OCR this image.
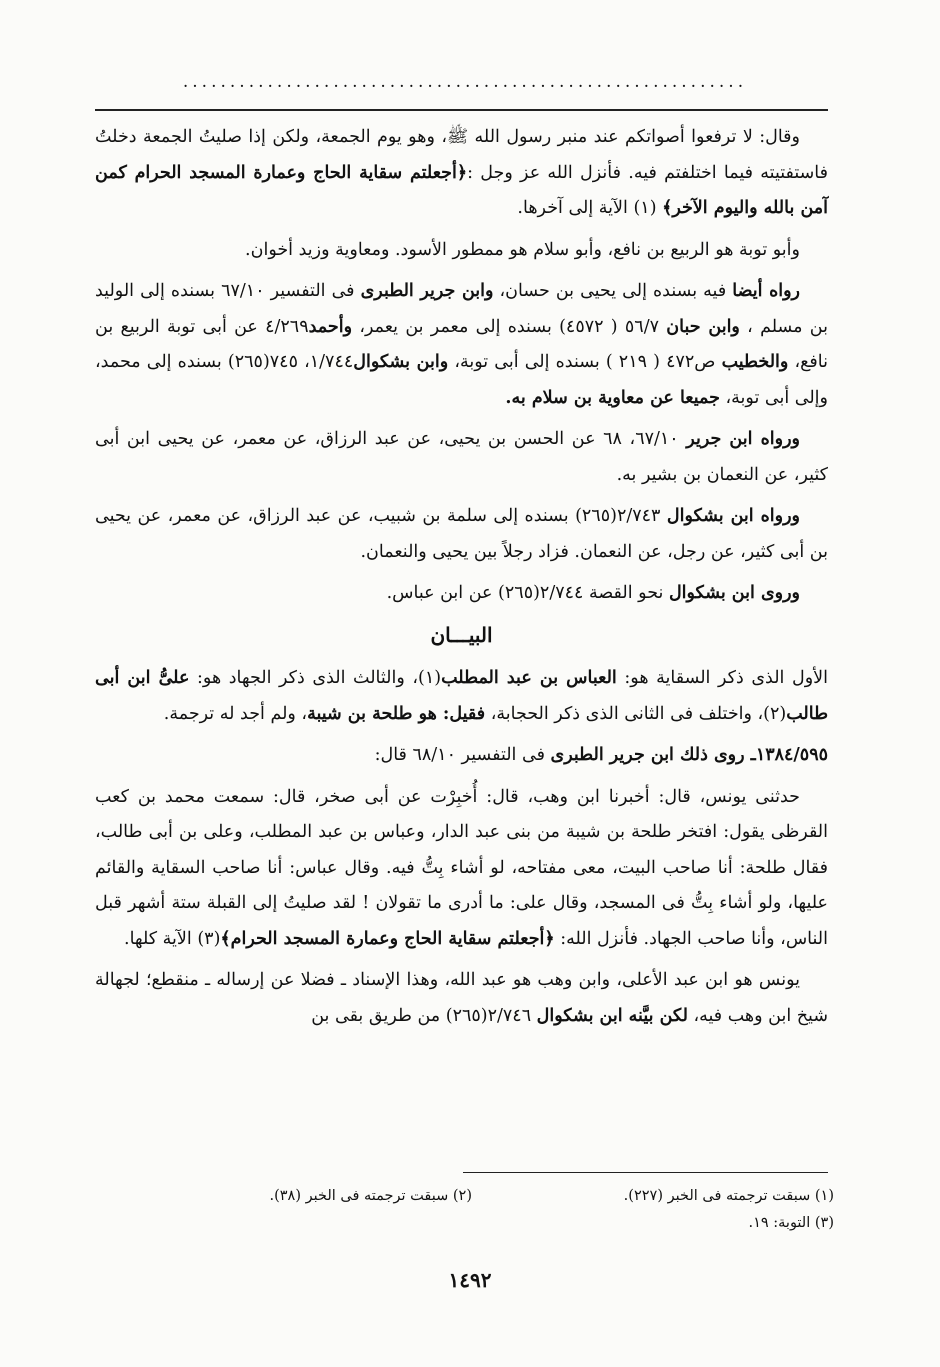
............................................................

وقال: لا ترفعوا أصواتكم عند منبر رسول الله ﷺ، وهو يوم الجمعة، ولكن إذا صليتُ الجمعة دخلتُ فاستفتيته فيما اختلفتم فيه. فأنزل الله عز وجل :﴿أجعلتم سقاية الحاج وعمارة المسجد الحرام كمن آمن بالله واليوم الآخر﴾ (١) الآية إلى آخرها.

وأبو توبة هو الربيع بن نافع، وأبو سلام هو ممطور الأسود. ومعاوية وزيد أخوان.

رواه أيضا فيه بسنده إلى يحيى بن حسان، وابن جرير الطبرى فى التفسير ٦٧/١٠ بسنده إلى الوليد بن مسلم ، وابن حبان ٥٦/٧ ( ٤٥٧٢) بسنده إلى معمر بن يعمر، وأحمد٤/٢٦٩ عن أبى توبة الربيع بن نافع، والخطيب ص٤٧٢ ( ٢١٩ ) بسنده إلى أبى توبة، وابن بشكوال١/٧٤٤، ٧٤٥(٢٦٥) بسنده إلى محمد، وإلى أبى توبة، جميعا عن معاوية بن سلام به.

ورواه ابن جرير ٦٧/١٠، ٦٨ عن الحسن بن يحيى، عن عبد الرزاق، عن معمر، عن يحيى ابن أبى كثير، عن النعمان بن بشير به.

ورواه ابن بشكوال ٢/٧٤٣(٢٦٥) بسنده إلى سلمة بن شبيب، عن عبد الرزاق، عن معمر، عن يحيى بن أبى كثير، عن رجل، عن النعمان. فزاد رجلاً بين يحيى والنعمان.

وروى ابن بشكوال نحو القصة ٢/٧٤٤(٢٦٥) عن ابن عباس.

البيـــان

الأول الذى ذكر السقاية هو: العباس بن عبد المطلب(١)، والثالث الذى ذكر الجهاد هو: علىُّ ابن أبى طالب(٢)، واختلف فى الثانى الذى ذكر الحجابة، فقيل: هو طلحة بن شيبة، ولم أجد له ترجمة.

١٣٨٤/٥٩٥ـ روى ذلك ابن جرير الطبرى فى التفسير ٦٨/١٠ قال:

حدثنى يونس، قال: أخبرنا ابن وهب، قال: أُخبِرْت عن أبى صخر، قال: سمعت محمد بن كعب القرظى يقول: افتخر طلحة بن شيبة من بنى عبد الدار، وعباس بن عبد المطلب، وعلى بن أبى طالب، فقال طلحة: أنا صاحب البيت، معى مفتاحه، لو أشاء بِتُّ فيه. وقال عباس: أنا صاحب السقاية والقائم عليها، ولو أشاء بِتُّ فى المسجد، وقال على: ما أدرى ما تقولان ! لقد صليتُ إلى القبلة ستة أشهر قبل الناس، وأنا صاحب الجهاد. فأنزل الله: ﴿أجعلتم سقاية الحاج وعمارة المسجد الحرام﴾(٣) الآية كلها.

يونس هو ابن عبد الأعلى، وابن وهب هو عبد الله، وهذا الإسناد ـ فضلا عن إرساله ـ منقطع؛ لجهالة شيخ ابن وهب فيه، لكن بيَّنه ابن بشكوال ٢/٧٤٦(٢٦٥) من طريق بقى بن

(١) سبقت ترجمته فى الخبر (٢٢٧).
(٢) سبقت ترجمته فى الخبر (٣٨).
(٣) التوبة: ١٩.
١٤٩٢
